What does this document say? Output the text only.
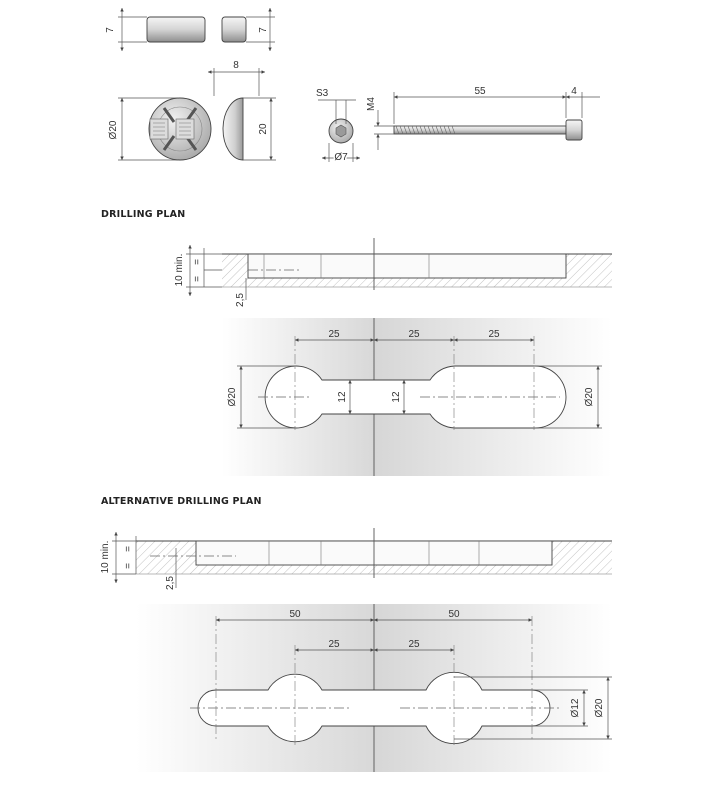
7	7
Ø20
8
20
S3
Ø7
M4
55	4
10 min. =
=
2,5
25	25	25
Ø20	12	12	Ø20
10 min. =
=
2,5
50	50
25	25
Ø12 Ø20

DRILLING PLAN

ALTERNATIVE DRILLING PLAN
